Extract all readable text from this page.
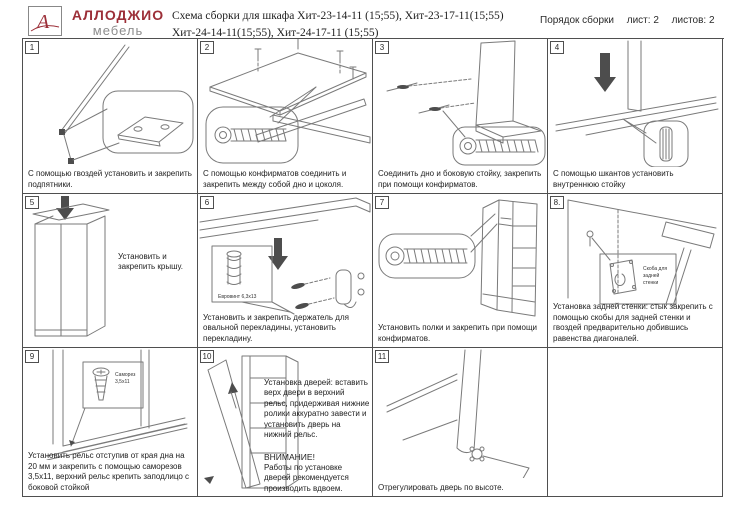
А АЛЛОДЖИО
мебель
Схема сборки для шкафа Хит-23-14-11 (15;55), Хит-23-17-11(15;55)
Хит-24-14-11(15;55), Хит-24-17-11 (15;55)
Порядок сборки лист: 2 листов: 2
1
С помощью гвоздей установить и закрепить подпятники.
2
С помощью конфирматов соединить и закрепить между собой дно и цоколя.
3
Соединить дно и боковую стойку, закрепить при помощи конфирматов.
4
С помощью шкантов установить внутреннюю стойку
5
Установить и закрепить крышу.
6
Евровинт 6,3х13
Установить и закрепить держатель для овальной перекладины, установить перекладину.
7
Установить полки и закрепить при помощи конфирматов.
8.
Скоба для
задней
стенки
Установка задней стенки: стык закрепить с помощью скобы для задней стенки и гвоздей предварительно добившись равенства диагоналей.
9
Саморез
3,5х11
Установить рельс отступив от края дна на 20 мм и закрепить с помощью саморезов 3,5х11, верхний рельс крепить заподлицо с боковой стойкой
10
Установка дверей: вставить верх двери в верхний рельс, придерживая нижние ролики аккуратно завести и установить дверь на нижний рельс.
ВНИМАНИЕ!
Работы по установке дверей рекомендуется производить вдвоем.
11
Отрегулировать дверь по высоте.
